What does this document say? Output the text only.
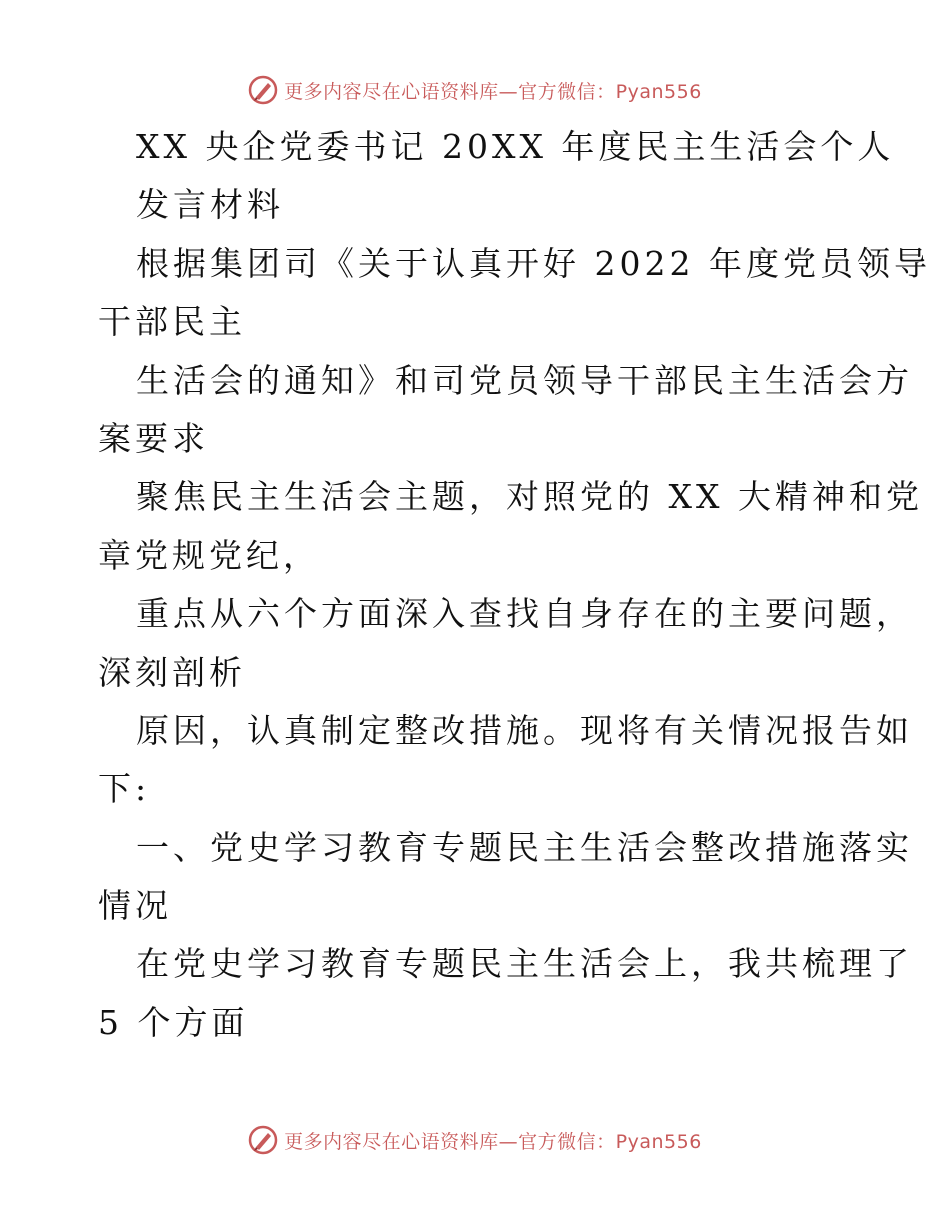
更多内容尽在心语资料库—官方微信：Pyan556
XX 央企党委书记 20XX 年度民主生活会个人
发言材料
根据集团司《关于认真开好 2022 年度党员领导
干部民主
生活会的通知》和司党员领导干部民主生活会方
案要求
聚焦民主生活会主题，对照党的 XX 大精神和党
章党规党纪，
重点从六个方面深入查找自身存在的主要问题，
深刻剖析
原因，认真制定整改措施。现将有关情况报告如
下:
一、党史学习教育专题民主生活会整改措施落实
情况
在党史学习教育专题民主生活会上，我共梳理了
5 个方面
更多内容尽在心语资料库—官方微信：Pyan556
